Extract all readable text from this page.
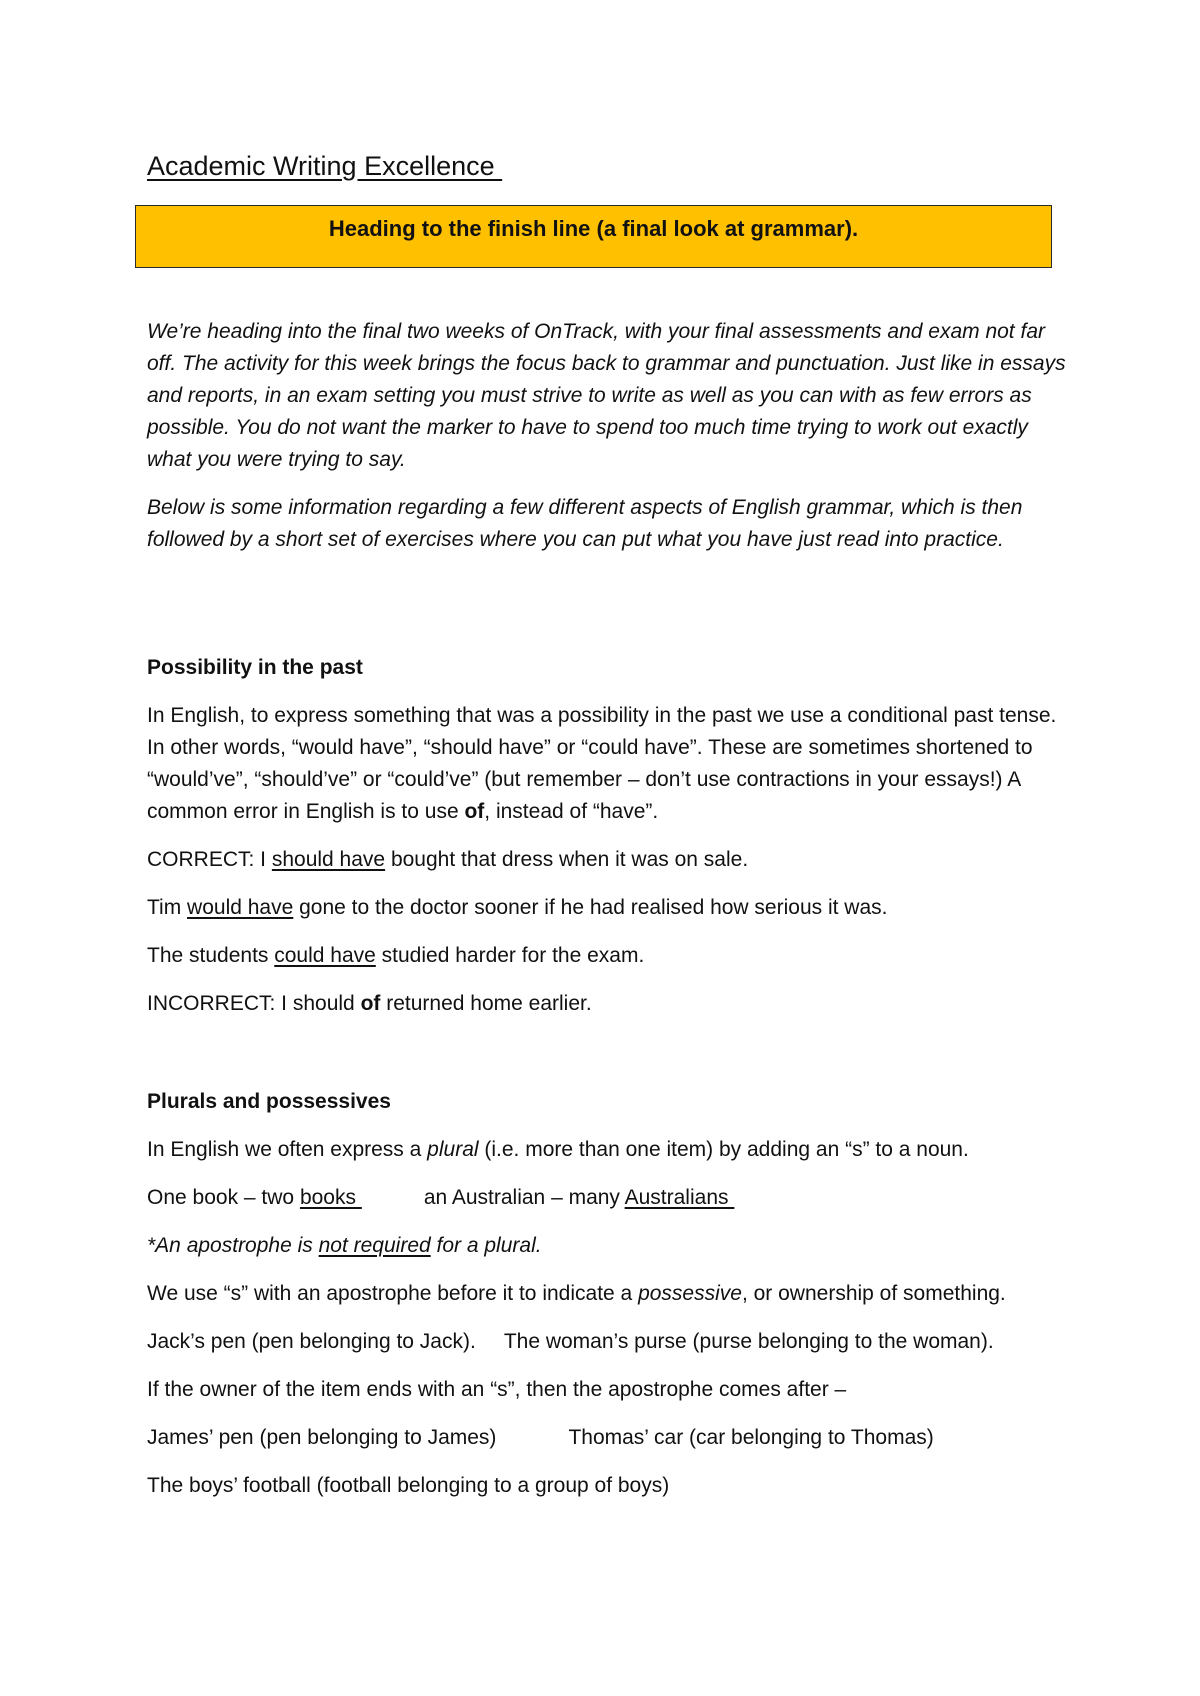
Academic Writing Excellence
Heading to the finish line (a final look at grammar).

We’re heading into the final two weeks of OnTrack, with your final assessments and exam not far off. The activity for this week brings the focus back to grammar and punctuation. Just like in essays and reports, in an exam setting you must strive to write as well as you can with as few errors as possible. You do not want the marker to have to spend too much time trying to work out exactly what you were trying to say.

Below is some information regarding a few different aspects of English grammar, which is then followed by a short set of exercises where you can put what you have just read into practice.

Possibility in the past

In English, to express something that was a possibility in the past we use a conditional past tense. In other words, “would have”, “should have” or “could have”. These are sometimes shortened to “would’ve”, “should’ve” or “could’ve” (but remember – don’t use contractions in your essays!) A common error in English is to use of, instead of “have”.

CORRECT: I should have bought that dress when it was on sale.

Tim would have gone to the doctor sooner if he had realised how serious it was.

The students could have studied harder for the exam.

INCORRECT: I should of returned home earlier.

Plurals and possessives

In English we often express a plural (i.e. more than one item) by adding an “s” to a noun.

One book – two books	an Australian – many Australians

*An apostrophe is not required for a plural.

We use “s” with an apostrophe before it to indicate a possessive, or ownership of something.

Jack’s pen (pen belonging to Jack). The woman’s purse (purse belonging to the woman).

If the owner of the item ends with an “s”, then the apostrophe comes after –

James’ pen (pen belonging to James)	Thomas’ car (car belonging to Thomas)

The boys’ football (football belonging to a group of boys)
